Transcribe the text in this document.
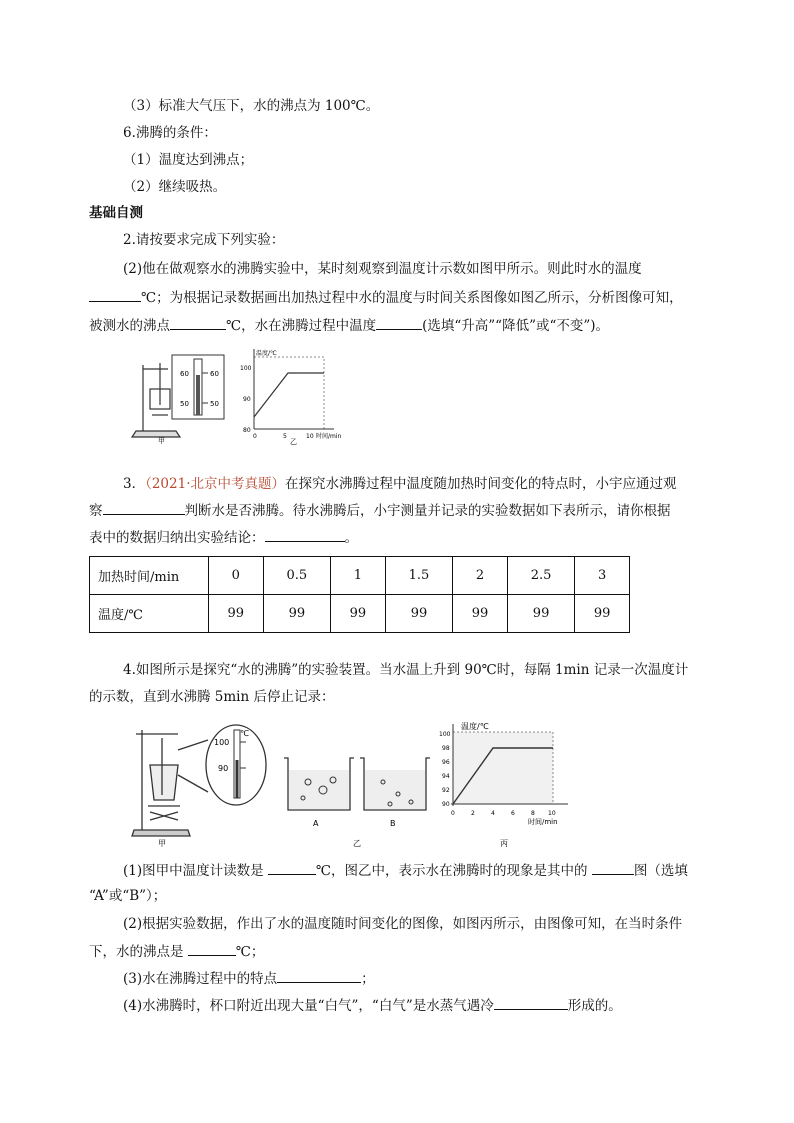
（3）标准大气压下，水的沸点为 100℃。
6.沸腾的条件：
（1）温度达到沸点；
（2）继续吸热。
基础自测
2.请按要求完成下列实验：
(2)他在做观察水的沸腾实验中，某时刻观察到温度计示数如图甲所示。则此时水的温度
℃；为根据记录数据画出加热过程中水的温度与时间关系图像如图乙所示，分析图像可知，
被测水的沸点	℃，水在沸腾过程中温度	(选填“升高”“降低”或“不变”)。
60	60
50	50
甲
温度/℃
100
90
80
0	5	10 时间/min
乙
3．（2021·北京中考真题）在探究水沸腾过程中温度随加热时间变化的特点时，小宇应通过观
察	判断水是否沸腾。待水沸腾后，小宇测量并记录的实验数据如下表所示，请你根据
表中的数据归纳出实验结论：	。
加热时间/min	0	0.5	1	1.5	2	2.5	3
温度/℃	99	99	99	99	99	99	99
4.如图所示是探究“水的沸腾”的实验装置。当水温上升到 90℃时，每隔 1min 记录一次温度计
的示数，直到水沸腾 5min 后停止记录：
℃
100
90
甲
A	B
乙
温度/℃
100
98
96
94
92
90
0	2	4	6	8 10
时间/min
丙
(1)图甲中温度计读数是	℃，图乙中，表示水在沸腾时的现象是其中的	图（选填
“A”或“B”）；
(2)根据实验数据，作出了水的温度随时间变化的图像，如图丙所示，由图像可知，在当时条件
下，水的沸点是	℃；
(3)水在沸腾过程中的特点	；
(4)水沸腾时，杯口附近出现大量“白气”，“白气”是水蒸气遇冷	形成的。
